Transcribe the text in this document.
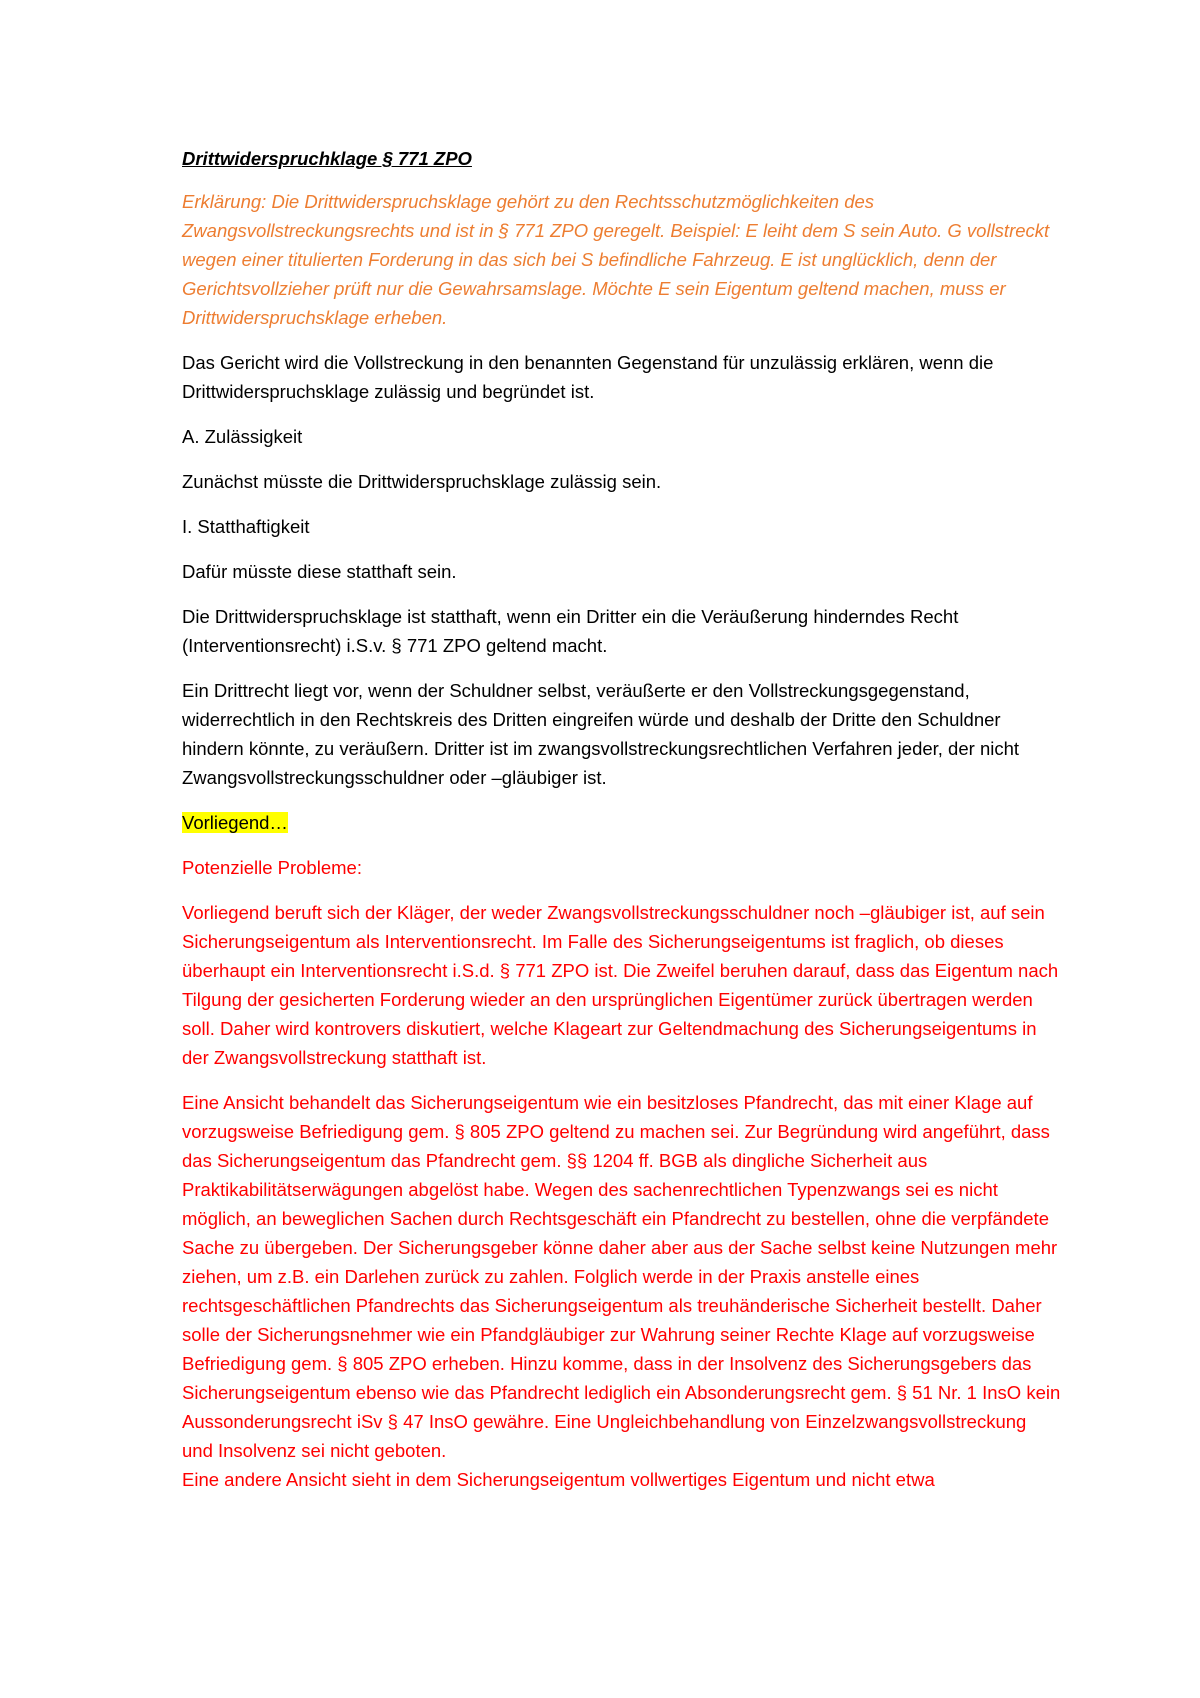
Drittwiderspruchklage § 771 ZPO

Erklärung: Die Drittwiderspruchsklage gehört zu den Rechtsschutzmöglichkeiten des Zwangsvollstreckungsrechts und ist in § 771 ZPO geregelt. Beispiel: E leiht dem S sein Auto. G vollstreckt wegen einer titulierten Forderung in das sich bei S befindliche Fahrzeug. E ist unglücklich, denn der Gerichtsvollzieher prüft nur die Gewahrsamslage. Möchte E sein Eigentum geltend machen, muss er Drittwiderspruchsklage erheben.

Das Gericht wird die Vollstreckung in den benannten Gegenstand für unzulässig erklären, wenn die Drittwiderspruchsklage zulässig und begründet ist.

A. Zulässigkeit

Zunächst müsste die Drittwiderspruchsklage zulässig sein.

I. Statthaftigkeit

Dafür müsste diese statthaft sein.

Die Drittwiderspruchsklage ist statthaft, wenn ein Dritter ein die Veräußerung hinderndes Recht (Interventionsrecht) i.S.v. § 771 ZPO geltend macht.

Ein Drittrecht liegt vor, wenn der Schuldner selbst, veräußerte er den Vollstreckungsgegenstand, widerrechtlich in den Rechtskreis des Dritten eingreifen würde und deshalb der Dritte den Schuldner hindern könnte, zu veräußern. Dritter ist im zwangsvollstreckungsrechtlichen Verfahren jeder, der nicht Zwangsvollstreckungsschuldner oder –gläubiger ist.

Vorliegend…

Potenzielle Probleme:

Vorliegend beruft sich der Kläger, der weder Zwangsvollstreckungsschuldner noch –gläubiger ist, auf sein Sicherungseigentum als Interventionsrecht. Im Falle des Sicherungseigentums ist fraglich, ob dieses überhaupt ein Interventionsrecht i.S.d. § 771 ZPO ist. Die Zweifel beruhen darauf, dass das Eigentum nach Tilgung der gesicherten Forderung wieder an den ursprünglichen Eigentümer zurück übertragen werden soll. Daher wird kontrovers diskutiert, welche Klageart zur Geltendmachung des Sicherungseigentums in der Zwangsvollstreckung statthaft ist.

Eine Ansicht behandelt das Sicherungseigentum wie ein besitzloses Pfandrecht, das mit einer Klage auf vorzugsweise Befriedigung gem. § 805 ZPO geltend zu machen sei. Zur Begründung wird angeführt, dass das Sicherungseigentum das Pfandrecht gem. §§ 1204 ff. BGB als dingliche Sicherheit aus Praktikabilitätserwägungen abgelöst habe. Wegen des sachenrechtlichen Typenzwangs sei es nicht möglich, an beweglichen Sachen durch Rechtsgeschäft ein Pfandrecht zu bestellen, ohne die verpfändete Sache zu übergeben. Der Sicherungsgeber könne daher aber aus der Sache selbst keine Nutzungen mehr ziehen, um z.B. ein Darlehen zurück zu zahlen. Folglich werde in der Praxis anstelle eines rechtsgeschäftlichen Pfandrechts das Sicherungseigentum als treuhänderische Sicherheit bestellt. Daher solle der Sicherungsnehmer wie ein Pfandgläubiger zur Wahrung seiner Rechte Klage auf vorzugsweise Befriedigung gem. § 805 ZPO erheben. Hinzu komme, dass in der Insolvenz des Sicherungsgebers das Sicherungseigentum ebenso wie das Pfandrecht lediglich ein Absonderungsrecht gem. § 51 Nr. 1 InsO kein Aussonderungsrecht iSv § 47 InsO gewähre. Eine Ungleichbehandlung von Einzelzwangsvollstreckung und Insolvenz sei nicht geboten.

Eine andere Ansicht sieht in dem Sicherungseigentum vollwertiges Eigentum und nicht etwa
